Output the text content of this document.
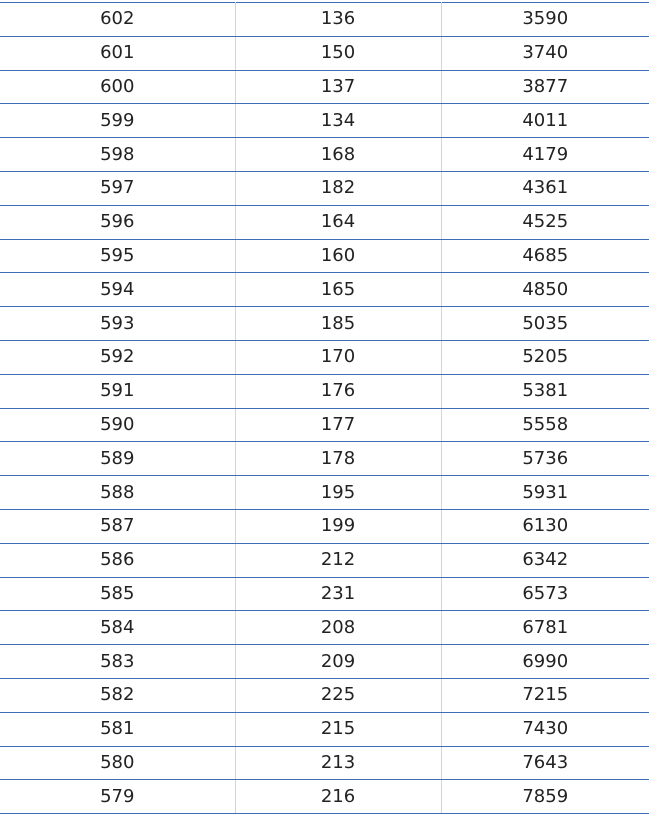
602	136	3590
601	150	3740
600	137	3877
599	134	4011
598	168	4179
597	182	4361
596	164	4525
595	160	4685
594	165	4850
593	185	5035
592	170	5205
591	176	5381
590	177	5558
589	178	5736
588	195	5931
587	199	6130
586	212	6342
585	231	6573
584	208	6781
583	209	6990
582	225	7215
581	215	7430
580	213	7643
579	216	7859
